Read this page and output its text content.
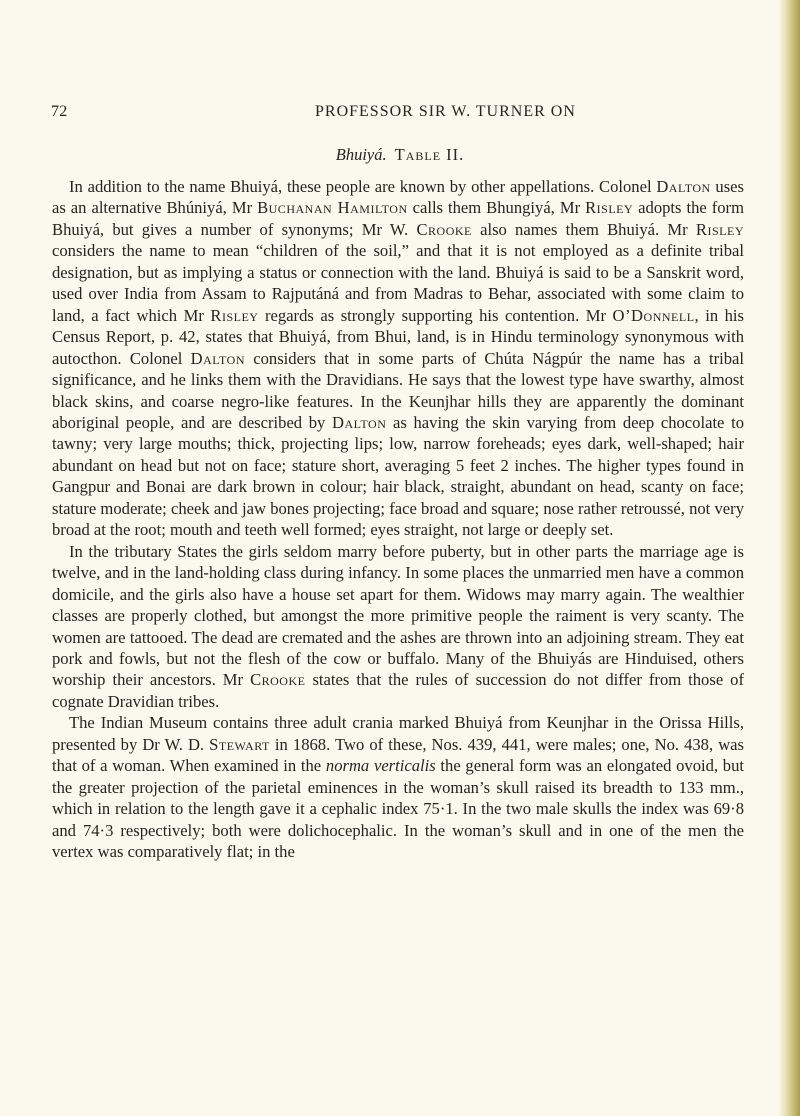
72	PROFESSOR SIR W. TURNER ON
Bhuiyá. Table II.

In addition to the name Bhuiyá, these people are known by other appellations. Colonel Dalton uses as an alternative Bhúniyá, Mr Buchanan Hamilton calls them Bhungiyá, Mr Risley adopts the form Bhuiyá, but gives a number of synonyms; Mr W. Crooke also names them Bhuiyá. Mr Risley considers the name to mean “children of the soil,” and that it is not employed as a definite tribal designation, but as implying a status or connection with the land. Bhuiyá is said to be a Sanskrit word, used over India from Assam to Rajputáná and from Madras to Behar, associated with some claim to land, a fact which Mr Risley regards as strongly supporting his contention. Mr O’Donnell, in his Census Report, p. 42, states that Bhuiyá, from Bhui, land, is in Hindu terminology synonymous with autocthon. Colonel Dalton considers that in some parts of Chúta Nágpúr the name has a tribal significance, and he links them with the Dravidians. He says that the lowest type have swarthy, almost black skins, and coarse negro-like features. In the Keunjhar hills they are apparently the dominant aboriginal people, and are described by Dalton as having the skin varying from deep chocolate to tawny; very large mouths; thick, projecting lips; low, narrow foreheads; eyes dark, well-shaped; hair abundant on head but not on face; stature short, averaging 5 feet 2 inches. The higher types found in Gangpur and Bonai are dark brown in colour; hair black, straight, abundant on head, scanty on face; stature moderate; cheek and jaw bones projecting; face broad and square; nose rather retroussé, not very broad at the root; mouth and teeth well formed; eyes straight, not large or deeply set.

In the tributary States the girls seldom marry before puberty, but in other parts the marriage age is twelve, and in the land-holding class during infancy. In some places the unmarried men have a common domicile, and the girls also have a house set apart for them. Widows may marry again. The wealthier classes are properly clothed, but amongst the more primitive people the raiment is very scanty. The women are tattooed. The dead are cremated and the ashes are thrown into an adjoining stream. They eat pork and fowls, but not the flesh of the cow or buffalo. Many of the Bhuiyás are Hinduised, others worship their ancestors. Mr Crooke states that the rules of succession do not differ from those of cognate Dravidian tribes.

The Indian Museum contains three adult crania marked Bhuiyá from Keunjhar in the Orissa Hills, presented by Dr W. D. Stewart in 1868. Two of these, Nos. 439, 441, were males; one, No. 438, was that of a woman. When examined in the norma verticalis the general form was an elongated ovoid, but the greater projection of the parietal eminences in the woman’s skull raised its breadth to 133 mm., which in relation to the length gave it a cephalic index 75·1. In the two male skulls the index was 69·8 and 74·3 respectively; both were dolichocephalic. In the woman’s skull and in one of the men the vertex was comparatively flat; in the
